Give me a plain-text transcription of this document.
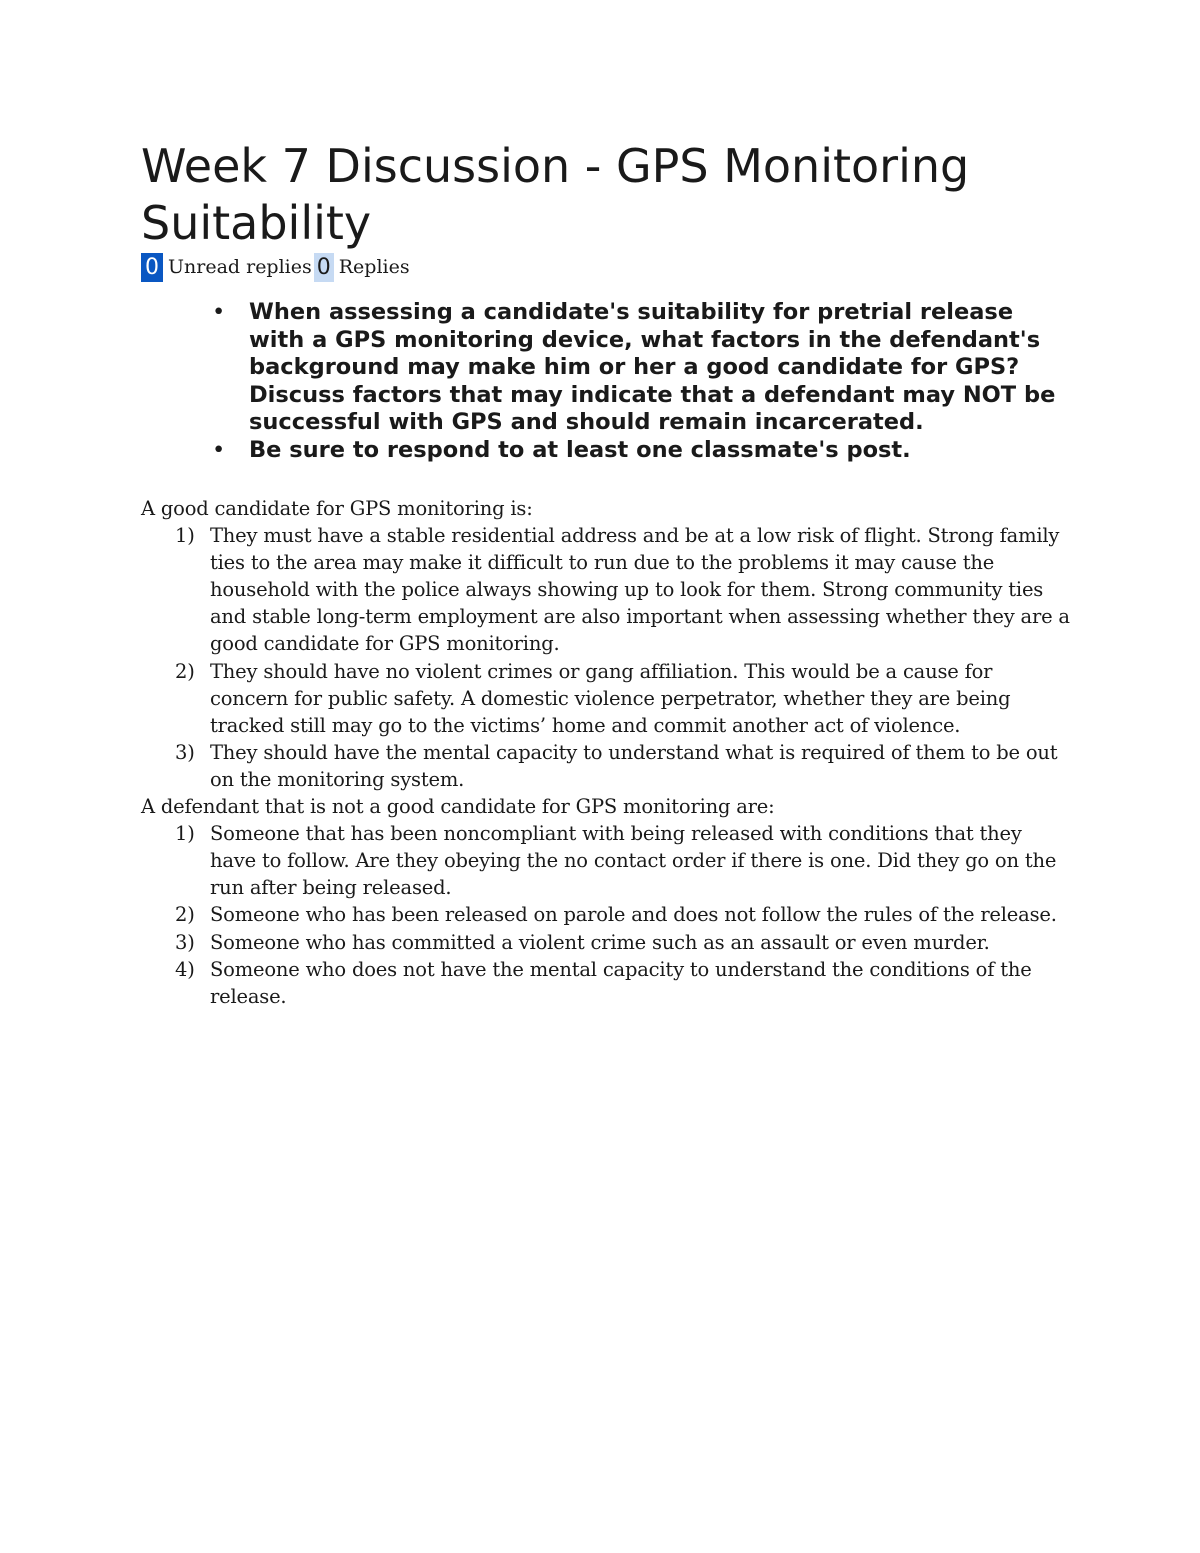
Week 7 Discussion - GPS Monitoring Suitability
0 Unread replies 0 Replies
• When assessing a candidate's suitability for pretrial release with a GPS monitoring device, what factors in the defendant's background may make him or her a good candidate for GPS? Discuss factors that may indicate that a defendant may NOT be successful with GPS and should remain incarcerated.
• Be sure to respond to at least one classmate's post.

A good candidate for GPS monitoring is:

1) They must have a stable residential address and be at a low risk of flight. Strong family ties to the area may make it difficult to run due to the problems it may cause the household with the police always showing up to look for them. Strong community ties and stable long-term employment are also important when assessing whether they are a good candidate for GPS monitoring.
2) They should have no violent crimes or gang affiliation. This would be a cause for concern for public safety. A domestic violence perpetrator, whether they are being tracked still may go to the victims’ home and commit another act of violence.
3) They should have the mental capacity to understand what is required of them to be out on the monitoring system.

A defendant that is not a good candidate for GPS monitoring are:

1) Someone that has been noncompliant with being released with conditions that they have to follow. Are they obeying the no contact order if there is one. Did they go on the run after being released.
2) Someone who has been released on parole and does not follow the rules of the release.
3) Someone who has committed a violent crime such as an assault or even murder.
4) Someone who does not have the mental capacity to understand the conditions of the release.
